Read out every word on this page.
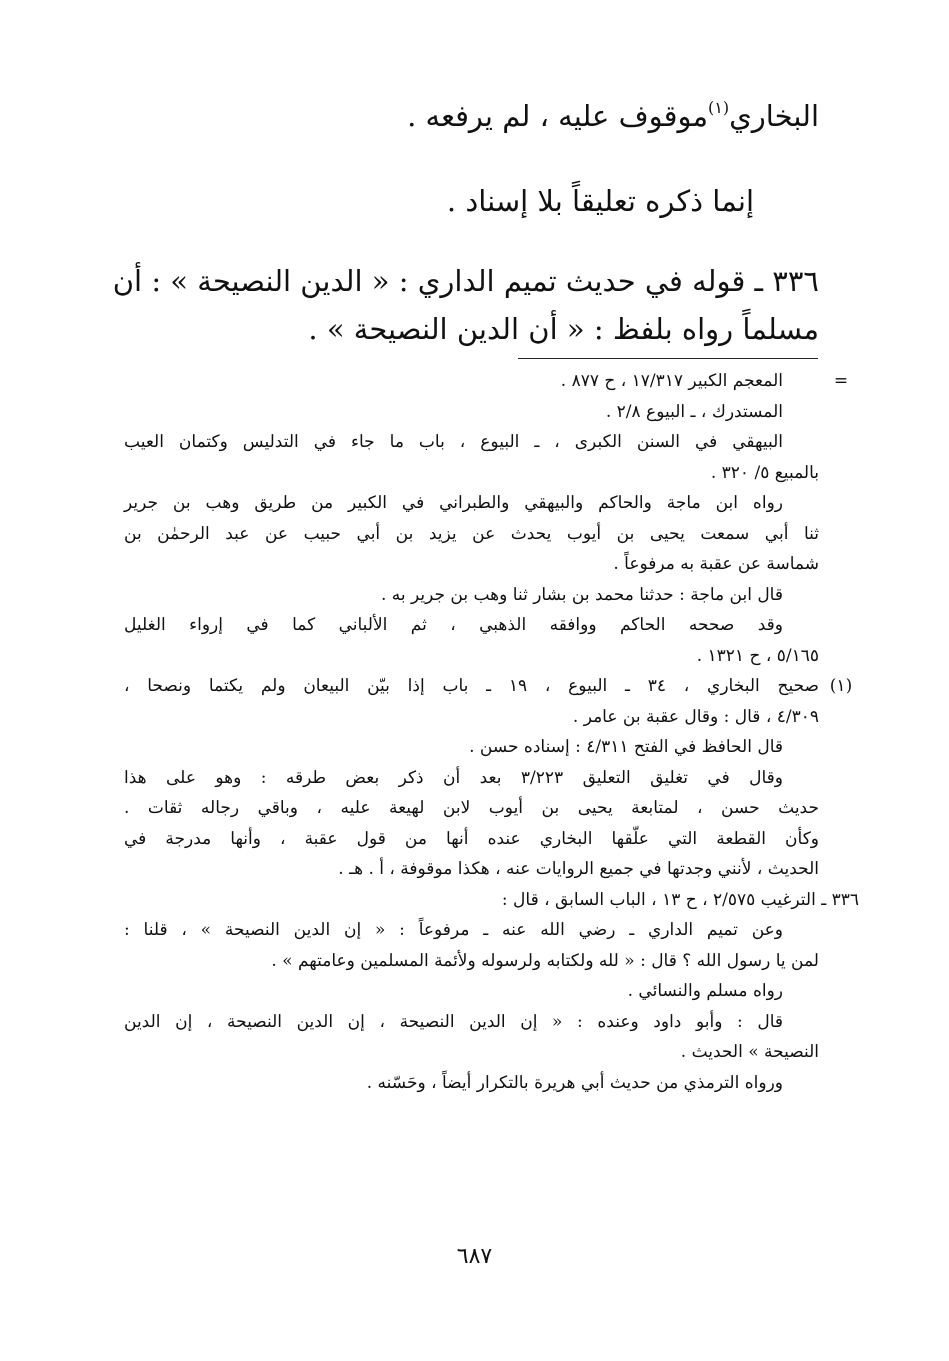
البخاري$^{(١)}$موقوف عليه ، لم يرفعه .
إنما ذكره تعليقاً بلا إسناد .
٣٣٦ ـ قوله في حديث تميم الداري : « الدين النصيحة » : أن
مسلماً رواه بلفظ : « أن الدين النصيحة » .
=
المعجم الكبير ١٧/٣١٧ ، ح ٨٧٧ .
المستدرك ، ـ البيوع ٢/٨ .
البيهقي في السنن الكبرى ، ـ البيوع ، باب ما جاء في التدليس وكتمان العيب
بالمبيع ٥/ ٣٢٠ .
رواه ابن ماجة والحاكم والبيهقي والطبراني في الكبير من طريق وهب بن جرير
ثنا أبي سمعت يحيى بن أيوب يحدث عن يزيد بن أبي حبيب عن عبد الرحمٰن بن
شماسة عن عقبة به مرفوعاً .
قال ابن ماجة : حدثنا محمد بن بشار ثنا وهب بن جرير به .
وقد صححه الحاكم ووافقه الذهبي ، ثم الألباني كما في إرواء الغليل
٥/١٦٥ ، ح ١٣٢١ .
(١)
صحيح البخاري ، ٣٤ ـ البيوع ، ١٩ ـ باب إذا بيّن البيعان ولم يكتما ونصحا ،
٤/٣٠٩ ، قال : وقال عقبة بن عامر .
قال الحافظ في الفتح ٤/٣١١ : إسناده حسن .
وقال في تغليق التعليق ٣/٢٢٣ بعد أن ذكر بعض طرقه : وهو على هذا
حديث حسن ، لمتابعة يحيى بن أيوب لابن لهيعة عليه ، وباقي رجاله ثقات .
وكأن القطعة التي علّقها البخاري عنده أنها من قول عقبة ، وأنها مدرجة في
الحديث ، لأنني وجدتها في جميع الروايات عنه ، هكذا موقوفة ، أ . هـ .
٣٣٦ ـ الترغيب ٢/٥٧٥ ، ح ١٣ ، الباب السابق ، قال :
وعن تميم الداري ـ رضي الله عنه ـ مرفوعاً : « إن الدين النصيحة » ، قلنا :
لمن يا رسول الله ؟ قال : « لله ولكتابه ولرسوله ولأئمة المسلمين وعامتهم » .
رواه مسلم والنسائي .
قال : وأبو داود وعنده : « إن الدين النصيحة ، إن الدين النصيحة ، إن الدين
النصيحة » الحديث .
ورواه الترمذي من حديث أبي هريرة بالتكرار أيضاً ، وحَسّنه .
٦٨٧
